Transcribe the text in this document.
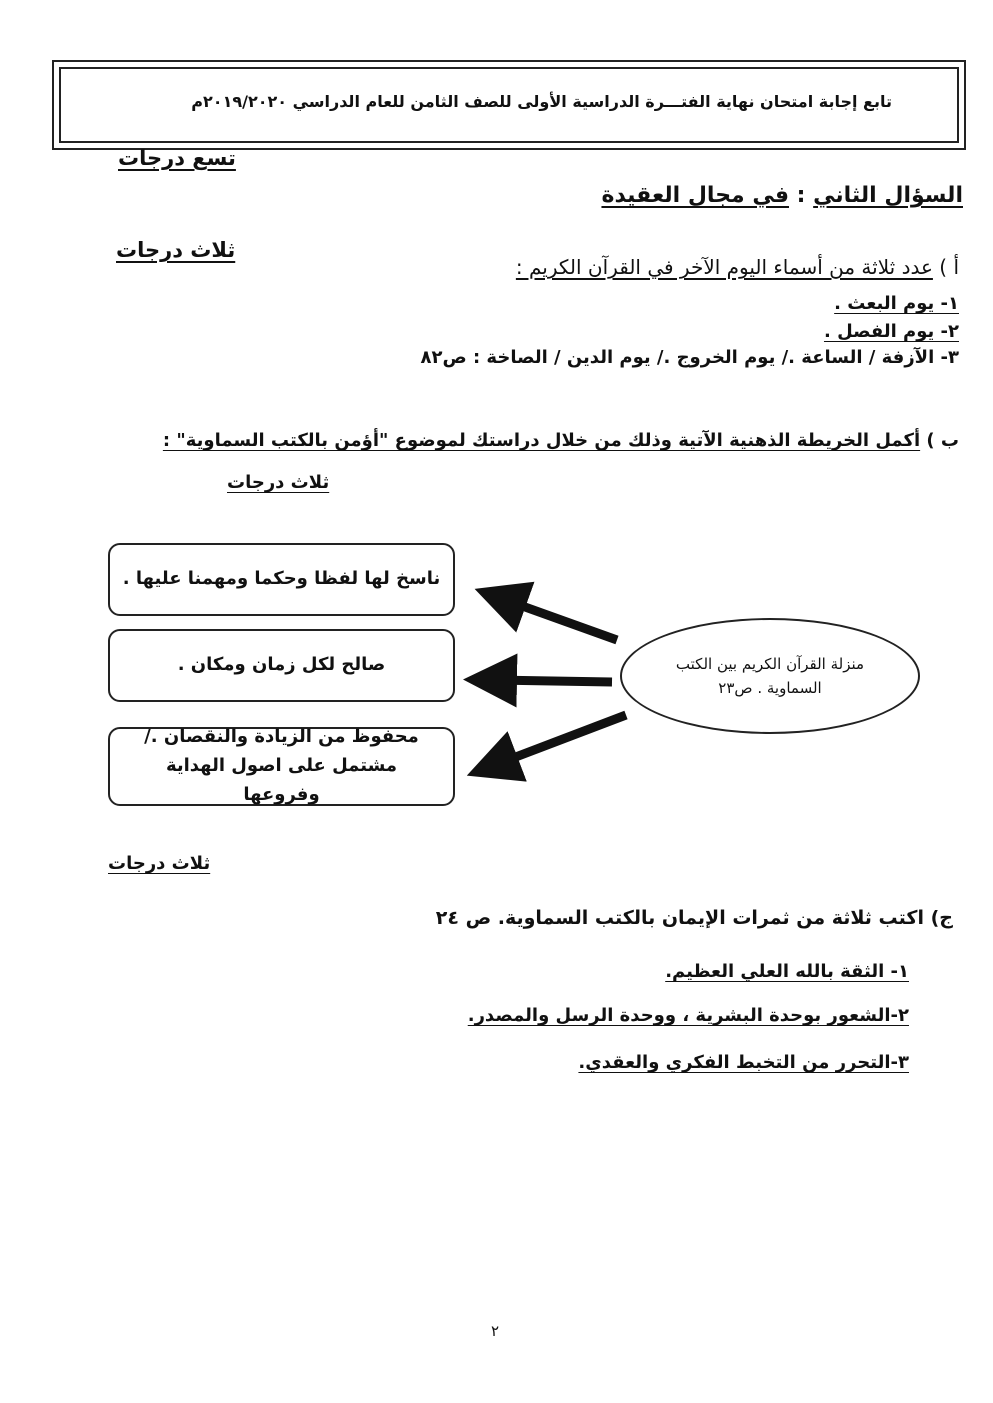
تابع إجابة امتحان نهاية الفتـــرة الدراسية الأولى للصف الثامن للعام الدراسي ٢٠١٩/٢٠٢٠م
تسع درجات
السؤال الثاني : في مجال العقيدة
ثلاث درجات
أ ) عدد ثلاثة من أسماء اليوم الآخر في القرآن الكريم :
١- يوم البعث .
٢- يوم الفصل .
٣- الآزفة / الساعة ./ يوم الخروج ./ يوم الدين / الصاخة : ص٨٢
ب ) أكمل الخريطة الذهنية الآتية وذلك من خلال دراستك لموضوع "أؤمن بالكتب السماوية" :
ثلاث درجات
ناسخ لها لفظا وحكما ومهمنا عليها .
صالح لكل زمان ومكان .
محفوظ من الزيادة والنقصان ./ مشتمل على اصول الهداية وفروعها
منزلة القرآن الكريم بين الكتب السماوية . ص٢٣
ثلاث درجات
ج) اكتب ثلاثة من ثمرات الإيمان بالكتب السماوية. ص ٢٤
١- الثقة بالله العلي العظيم.
٢-الشعور بوحدة البشرية ، ووحدة الرسل والمصدر.
٣-التحرر من التخبط الفكري والعقدي.
٢
